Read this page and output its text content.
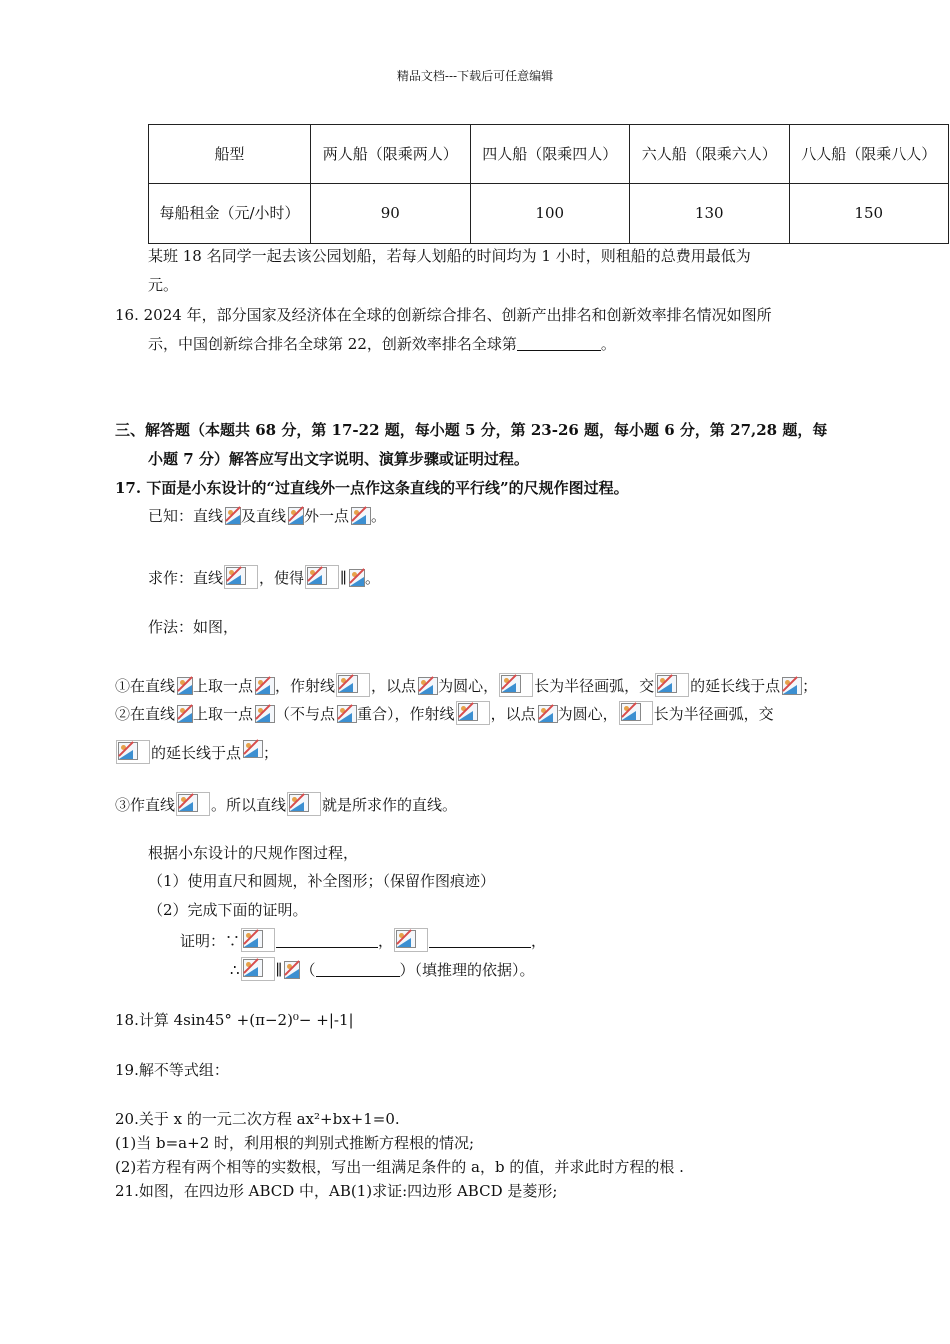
精品文档---下载后可任意编辑
船型	两人船（限乘两人）	四人船（限乘四人）	六人船（限乘六人）	八人船（限乘八人）
每船租金（元/小时）	90	100	130	150
某班 18 名同学一起去该公园划船，若每人划船的时间均为 1 小时，则租船的总费用最低为
元。
16. 2024 年，部分国家及经济体在全球的创新综合排名、创新产出排名和创新效率排名情况如图所
示，中国创新综合排名全球第 22，创新效率排名全球第	。
三、解答题（本题共 68 分，第 17-22 题，每小题 5 分，第 23-26 题，每小题 6 分，第 27,28 题，每
小题 7 分）解答应写出文字说明、演算步骤或证明过程。
17. 下面是小东设计的“过直线外一点作这条直线的平行线”的尺规作图过程。
已知：直线 及直线 外一点 。
求作：直线 ，使得 ∥ 。
作法：如图，
①在直线 上取一点 ，作射线 ，以点 为圆心， 长为半径画弧，交 的延长线于点 ；
②在直线 上取一点 （不与点 重合），作射线 ，以点 为圆心， 长为半径画弧，交
的延长线于点 ；
③作直线 。所以直线 就是所求作的直线。
根据小东设计的尺规作图过程，
（1）使用直尺和圆规，补全图形；（保留作图痕迹）
（2）完成下面的证明。
证明：∵	，	，
∴ ∥ （	）（填推理的依据）。
18.计算 4sin45° +(π−2)⁰− +|-1|
19.解不等式组：
20.关于 x 的一元二次方程 ax²+bx+1=0.
(1)当 b=a+2 时，利用根的判别式推断方程根的情况;
(2)若方程有两个相等的实数根，写出一组满足条件的 a，b 的值，并求此时方程的根 .
21.如图，在四边形 ABCD 中，AB(1)求证:四边形 ABCD 是菱形;
